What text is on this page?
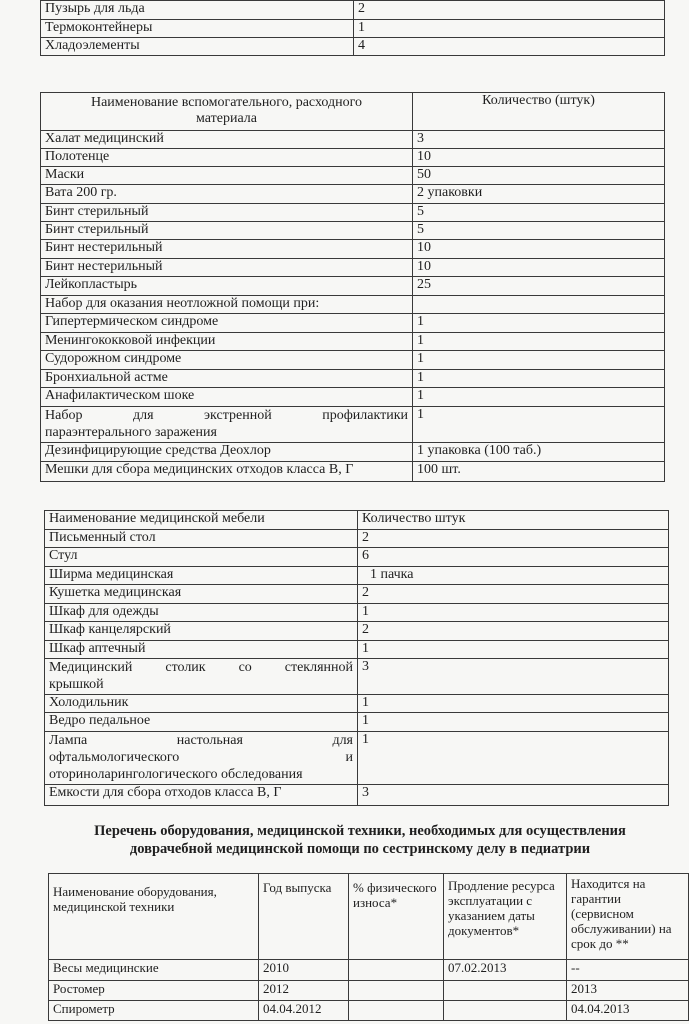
Пузырь для льда	2
Термоконтейнеры	1
Хладоэлементы	4
Наименование вспомогательного, расходного материала	Количество (штук)
Халат медицинский	3
Полотенце	10
Маски	50
Вата 200 гр.	2 упаковки
Бинт стерильный	5
Бинт стерильный	5
Бинт нестерильный	10
Бинт нестерильный	10
Лейкопластырь	25
Набор для оказания неотложной помощи при:	
Гипертермическом синдроме	1
Менингококковой инфекции	1
Судорожном синдроме	1
Бронхиальной астме	1
Анафилактическом шоке	1

Набор для экстренной профилактики
параэнтерального заражения	1
Дезинфицирующие средства Деохлор	1 упаковка (100 таб.)
Мешки для сбора медицинских отходов класса В, Г	100 шт.
Наименование медицинской мебели	Количество штук
Письменный стол	2
Стул	6
Ширма медицинская	1 пачка
Кушетка медицинская	2
Шкаф для одежды	1
Шкаф канцелярский	2
Шкаф аптечный	1

Медицинский столик со стеклянной
крышкой	3
Холодильник	1
Ведро педальное	1

Лампа настольная для
офтальмологического и
оториноларингологического обследования	1
Емкости для сбора отходов класса В, Г	3
Перечень оборудования, медицинской техники, необходимых для осуществления
доврачебной медицинской помощи по сестринскому делу в педиатрии
Наименование оборудования, медицинской техники	Год выпуска	% физического износа*	Продление ресурса эксплуатации с указанием даты документов*	Находится на гарантии (сервисном обслуживании) на срок до **
Весы медицинские	2010		07.02.2013	--
Ростомер	2012			2013
Спирометр	04.04.2012			04.04.2013
